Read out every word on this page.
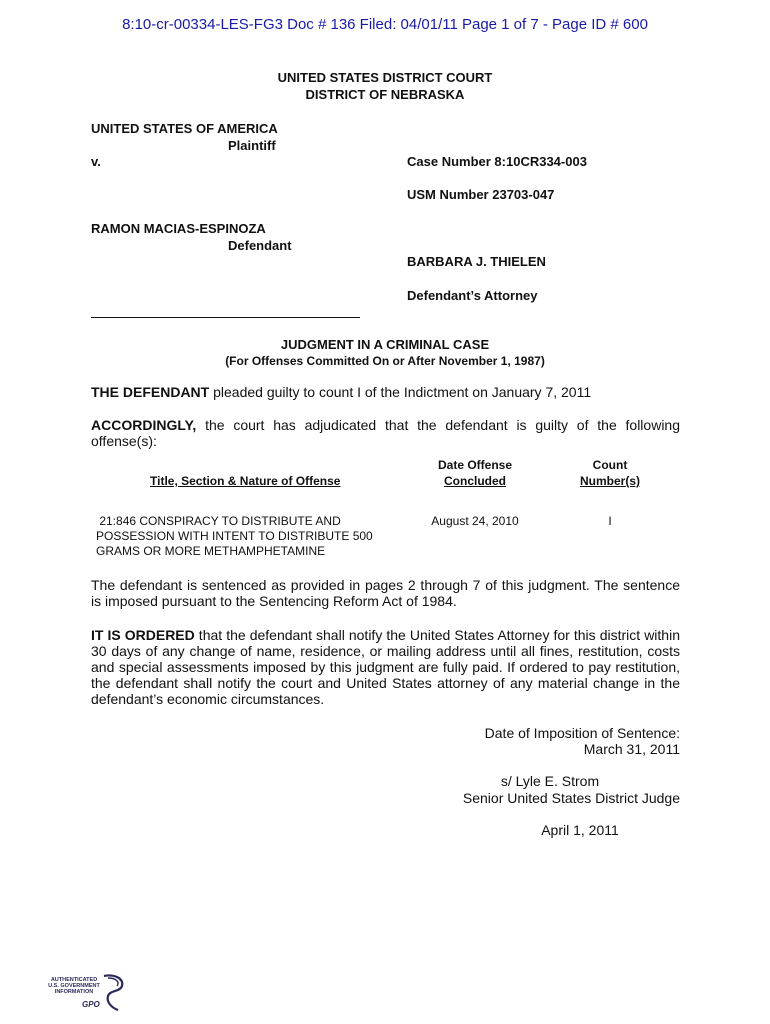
8:10-cr-00334-LES-FG3 Doc # 136 Filed: 04/01/11 Page 1 of 7 - Page ID # 600
UNITED STATES DISTRICT COURT
DISTRICT OF NEBRASKA
UNITED STATES OF AMERICA
Plaintiff
v.	Case Number 8:10CR334-003
USM Number 23703-047
RAMON MACIAS-ESPINOZA
Defendant
BARBARA J. THIELEN
Defendant’s Attorney
JUDGMENT IN A CRIMINAL CASE
(For Offenses Committed On or After November 1, 1987)
THE DEFENDANT pleaded guilty to count I of the Indictment on January 7, 2011
ACCORDINGLY, the court has adjudicated that the defendant is guilty of the following offense(s):
Date Offense
Concluded
Count
Number(s)
Title, Section & Nature of Offense
21:846 CONSPIRACY TO DISTRIBUTE AND
POSSESSION WITH INTENT TO DISTRIBUTE 500
GRAMS OR MORE METHAMPHETAMINE
August 24, 2010	I
The defendant is sentenced as provided in pages 2 through 7 of this judgment. The sentence is imposed pursuant to the Sentencing Reform Act of 1984.
IT IS ORDERED that the defendant shall notify the United States Attorney for this district within 30 days of any change of name, residence, or mailing address until all fines, restitution, costs and special assessments imposed by this judgment are fully paid. If ordered to pay restitution, the defendant shall notify the court and United States attorney of any material change in the defendant’s economic circumstances.
Date of Imposition of Sentence:
March 31, 2011
s/ Lyle E. Strom
Senior United States District Judge
April 1, 2011
AUTHENTICATED
U.S. GOVERNMENT
INFORMATION
GPO
